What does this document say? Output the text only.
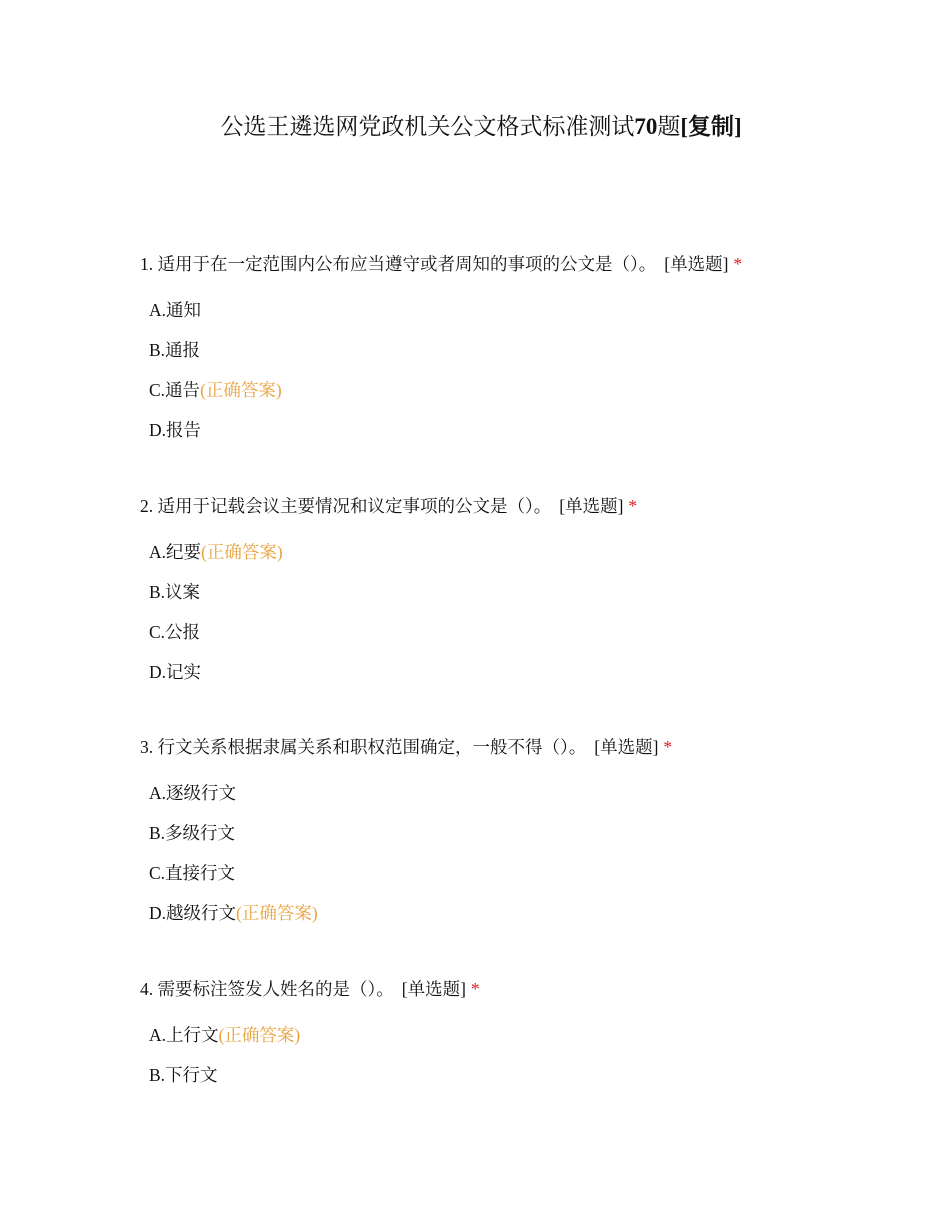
公选王遴选网党政机关公文格式标准测试70题[复制]
1. 适用于在一定范围内公布应当遵守或者周知的事项的公文是（）。 [单选题] *
A.通知
B.通报
C.通告(正确答案)
D.报告
2. 适用于记载会议主要情况和议定事项的公文是（）。 [单选题] *
A.纪要(正确答案)
B.议案
C.公报
D.记实
3. 行文关系根据隶属关系和职权范围确定，一般不得（）。 [单选题] *
A.逐级行文
B.多级行文
C.直接行文
D.越级行文(正确答案)
4. 需要标注签发人姓名的是（）。 [单选题] *
A.上行文(正确答案)
B.下行文
